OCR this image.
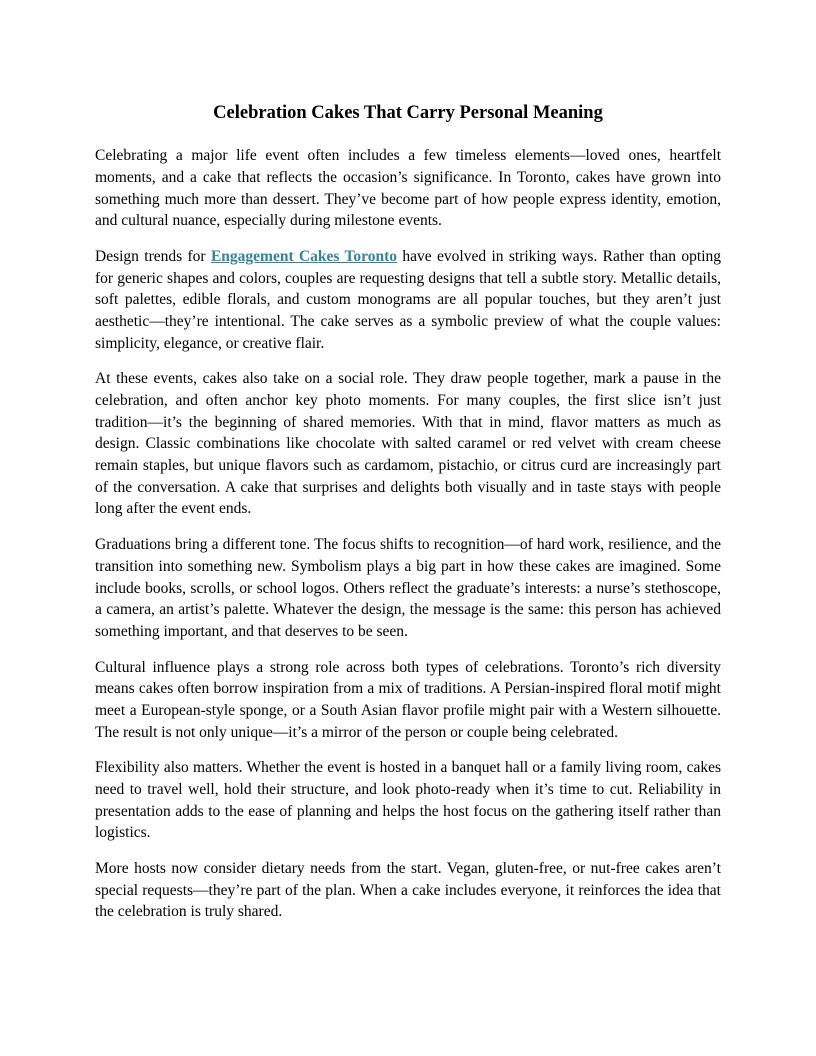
Celebration Cakes That Carry Personal Meaning

Celebrating a major life event often includes a few timeless elements—loved ones, heartfelt moments, and a cake that reflects the occasion’s significance. In Toronto, cakes have grown into something much more than dessert. They’ve become part of how people express identity, emotion, and cultural nuance, especially during milestone events.

Design trends for Engagement Cakes Toronto have evolved in striking ways. Rather than opting for generic shapes and colors, couples are requesting designs that tell a subtle story. Metallic details, soft palettes, edible florals, and custom monograms are all popular touches, but they aren’t just aesthetic—they’re intentional. The cake serves as a symbolic preview of what the couple values: simplicity, elegance, or creative flair.

At these events, cakes also take on a social role. They draw people together, mark a pause in the celebration, and often anchor key photo moments. For many couples, the first slice isn’t just tradition—it’s the beginning of shared memories. With that in mind, flavor matters as much as design. Classic combinations like chocolate with salted caramel or red velvet with cream cheese remain staples, but unique flavors such as cardamom, pistachio, or citrus curd are increasingly part of the conversation. A cake that surprises and delights both visually and in taste stays with people long after the event ends.

Graduations bring a different tone. The focus shifts to recognition—of hard work, resilience, and the transition into something new. Symbolism plays a big part in how these cakes are imagined. Some include books, scrolls, or school logos. Others reflect the graduate’s interests: a nurse’s stethoscope, a camera, an artist’s palette. Whatever the design, the message is the same: this person has achieved something important, and that deserves to be seen.

Cultural influence plays a strong role across both types of celebrations. Toronto’s rich diversity means cakes often borrow inspiration from a mix of traditions. A Persian-inspired floral motif might meet a European-style sponge, or a South Asian flavor profile might pair with a Western silhouette. The result is not only unique—it’s a mirror of the person or couple being celebrated.

Flexibility also matters. Whether the event is hosted in a banquet hall or a family living room, cakes need to travel well, hold their structure, and look photo-ready when it’s time to cut. Reliability in presentation adds to the ease of planning and helps the host focus on the gathering itself rather than logistics.

More hosts now consider dietary needs from the start. Vegan, gluten-free, or nut-free cakes aren’t special requests—they’re part of the plan. When a cake includes everyone, it reinforces the idea that the celebration is truly shared.
